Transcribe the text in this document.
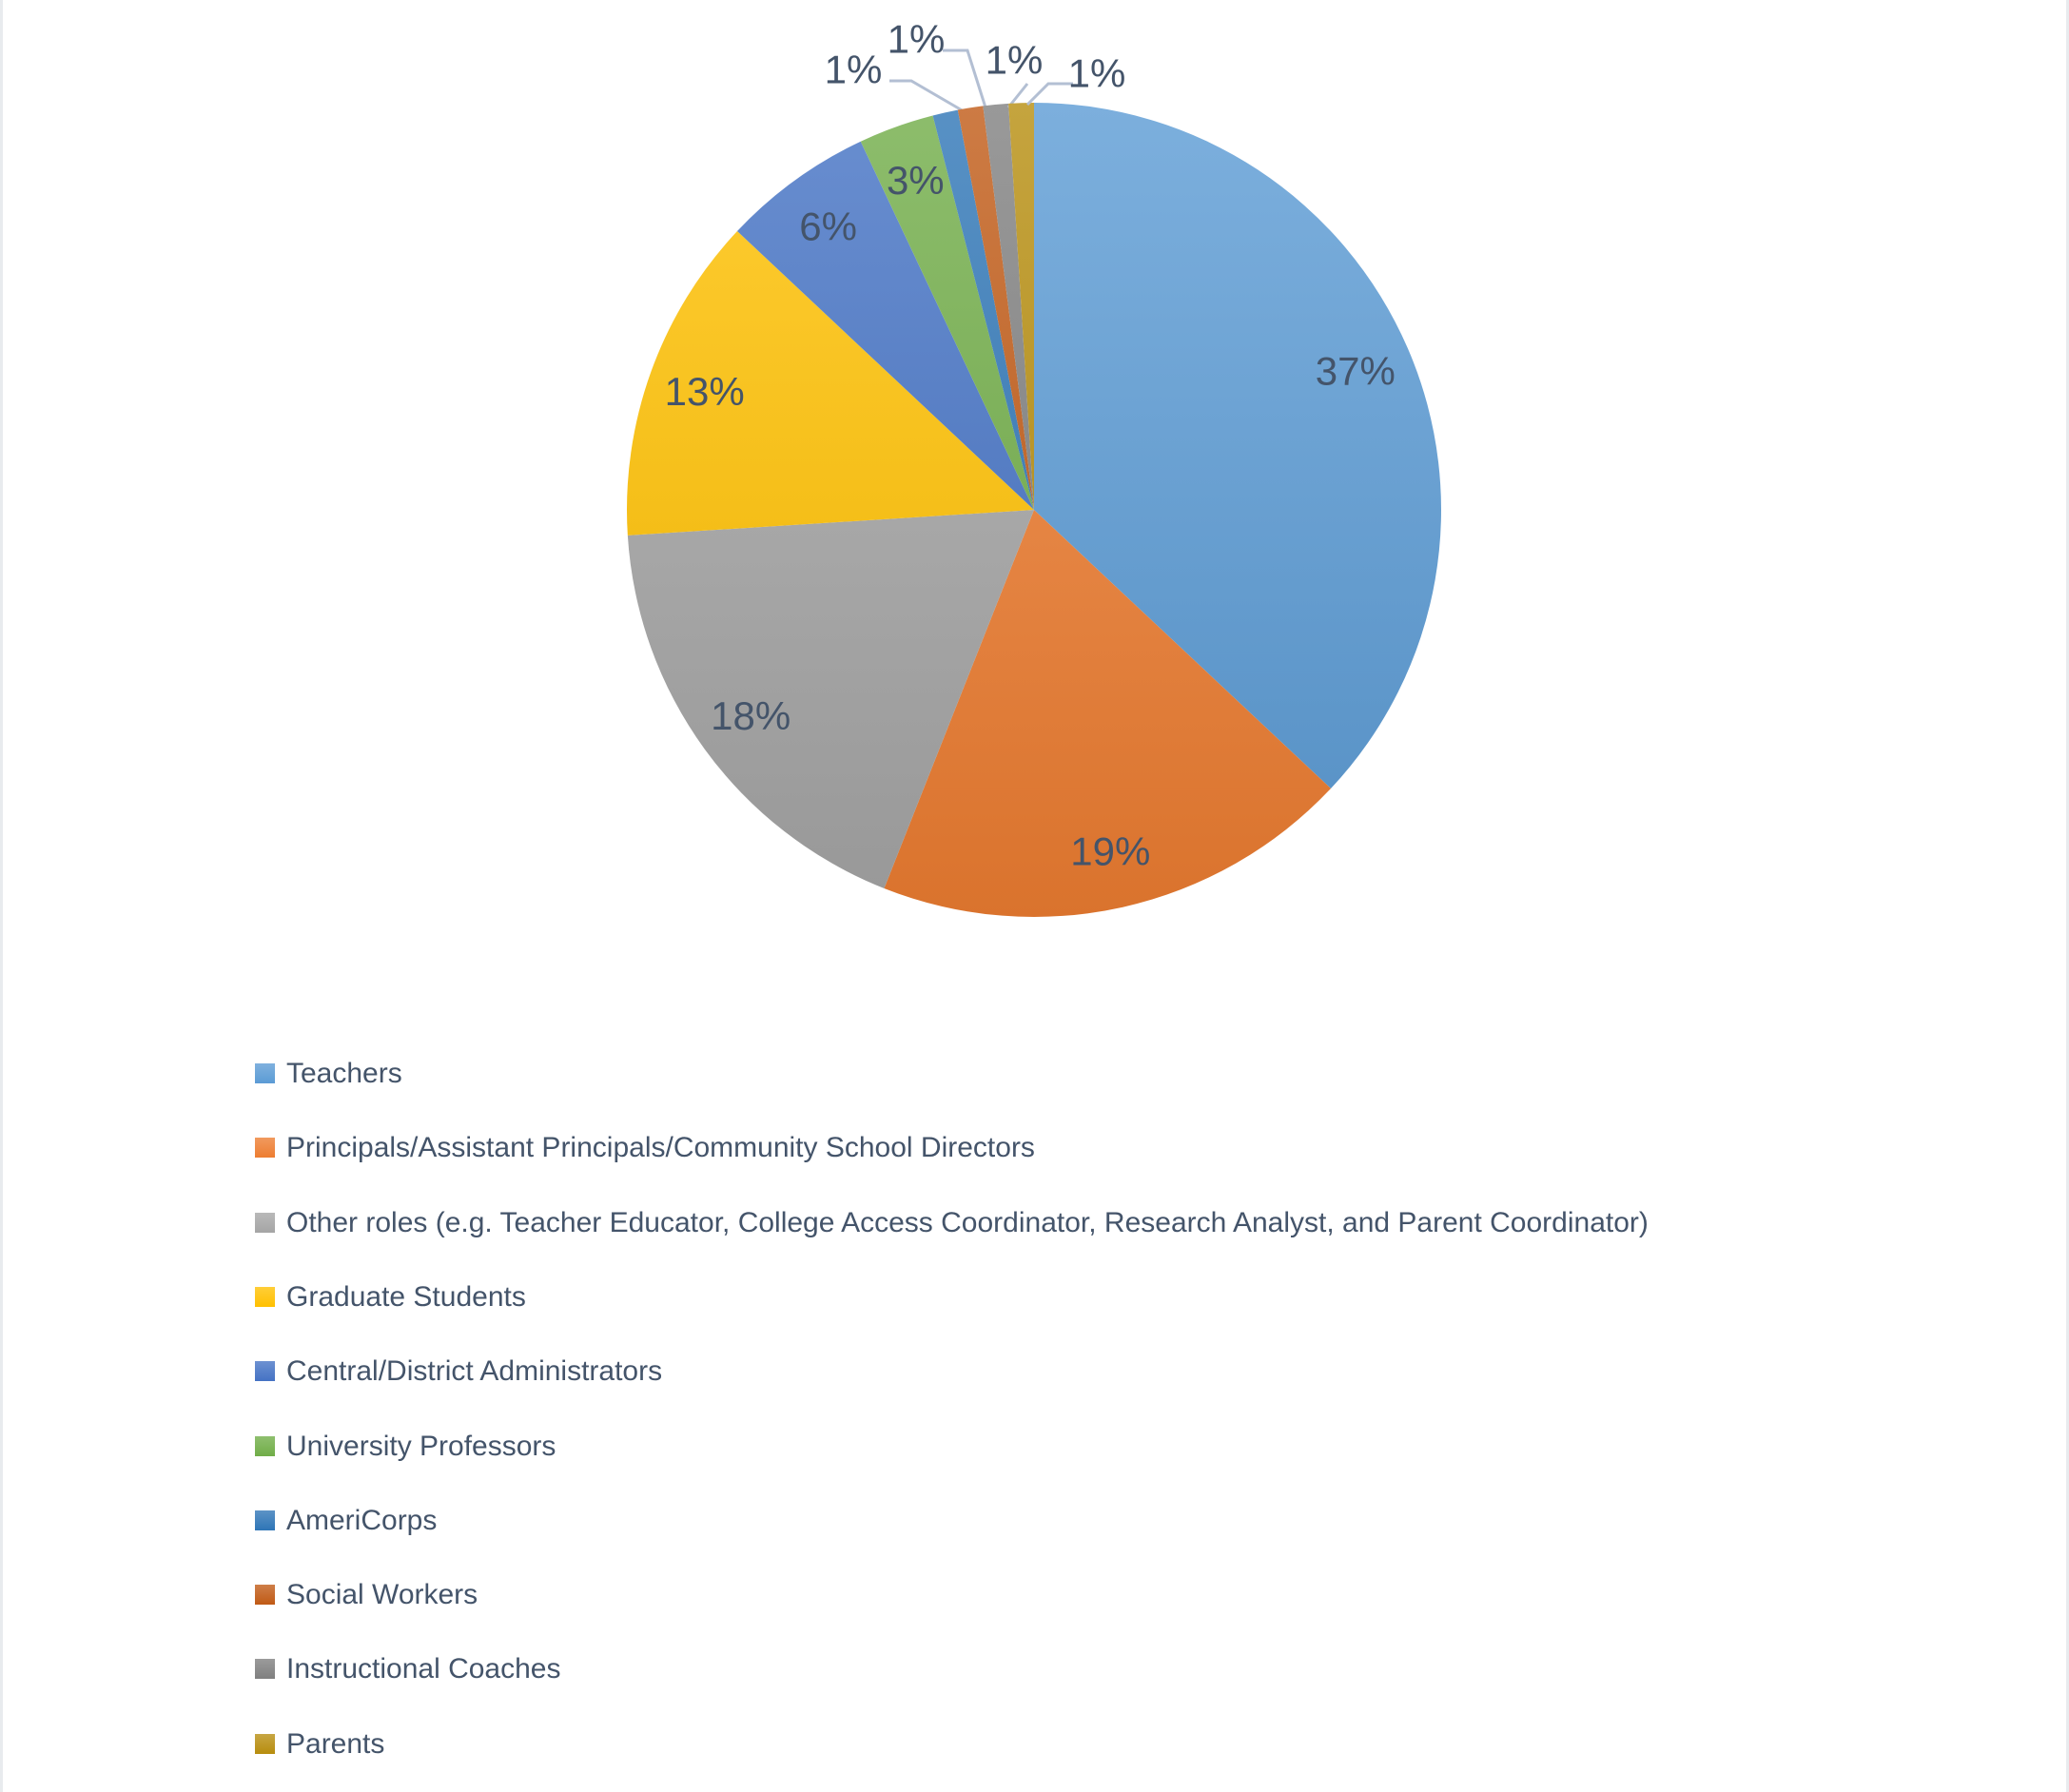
37%
19%
18%
13%
6%
3%
1%
1% 1% 1%
Teachers
Principals/Assistant Principals/Community School Directors
Other roles (e.g. Teacher Educator, College Access Coordinator, Research Analyst, and Parent Coordinator)
Graduate Students
Central/District Administrators
University Professors
AmeriCorps
Social Workers
Instructional Coaches
Parents
